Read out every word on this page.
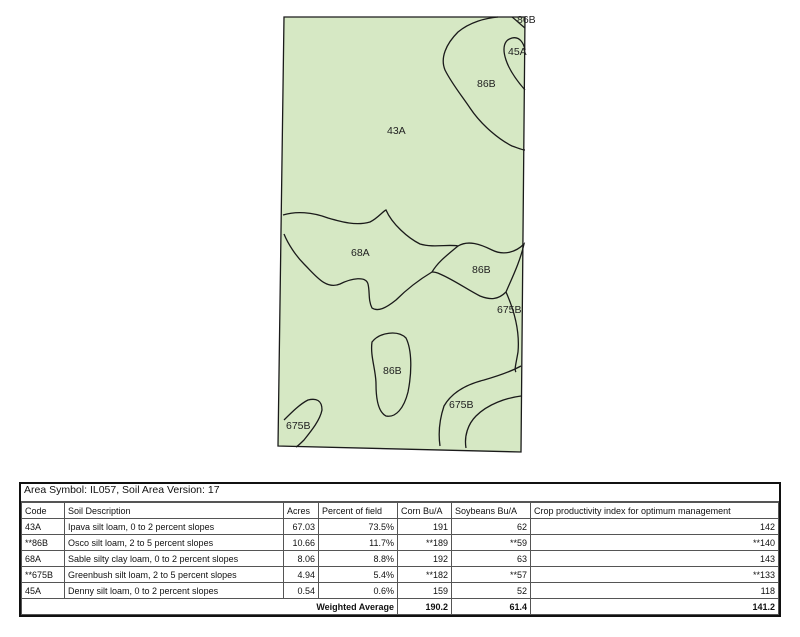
86B
45A
86B
43A
68A
86B
675B
86B
675B
675B
Area Symbol: IL057, Soil Area Version: 17
Code	Soil Description	Acres	Percent of field	Corn Bu/A	Soybeans Bu/A	Crop productivity index for optimum management
43A	Ipava silt loam, 0 to 2 percent slopes	67.03	73.5%	191	62	142
**86B	Osco silt loam, 2 to 5 percent slopes	10.66	11.7%	**189	**59	**140
68A	Sable silty clay loam, 0 to 2 percent slopes	8.06	8.8%	192	63	143
**675B	Greenbush silt loam, 2 to 5 percent slopes	4.94	5.4%	**182	**57	**133
45A	Denny silt loam, 0 to 2 percent slopes	0.54	0.6%	159	52	118
Weighted Average				190.2	61.4	141.2
